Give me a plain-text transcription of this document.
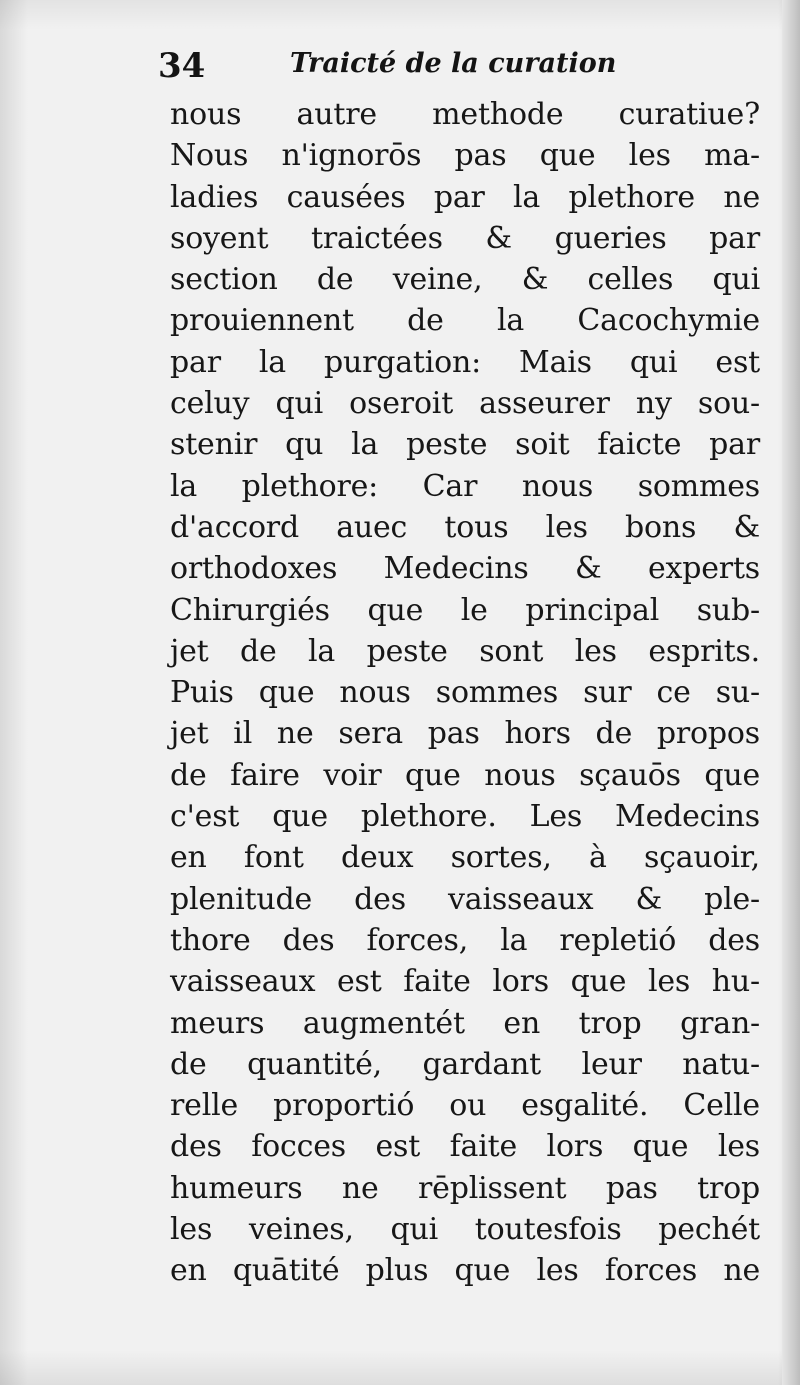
34	Traicté de la curation
nous autre methode curatiue?
Nous n'ignorōs pas que les ma-
ladies causées par la plethore ne
soyent traictées & gueries par
section de veine, & celles qui
prouiennent de la Cacochymie
par la purgation: Mais qui est
celuy qui oseroit asseurer ny sou-
stenir qu la peste soit faicte par
la plethore: Car nous sommes
d'accord auec tous les bons &
orthodoxes Medecins & experts
Chirurgiés que le principal sub-
jet de la peste sont les esprits.
Puis que nous sommes sur ce su-
jet il ne sera pas hors de propos
de faire voir que nous sçauōs que
c'est que plethore. Les Medecins
en font deux sortes, à sçauoir,
plenitude des vaisseaux & ple-
thore des forces, la repletió des
vaisseaux est faite lors que les hu-
meurs augmentét en trop gran-
de quantité, gardant leur natu-
relle proportió ou esgalité. Celle
des focces est faite lors que les
humeurs ne rēplissent pas trop
les veines, qui toutesfois pechét
en quātité plus que les forces ne
